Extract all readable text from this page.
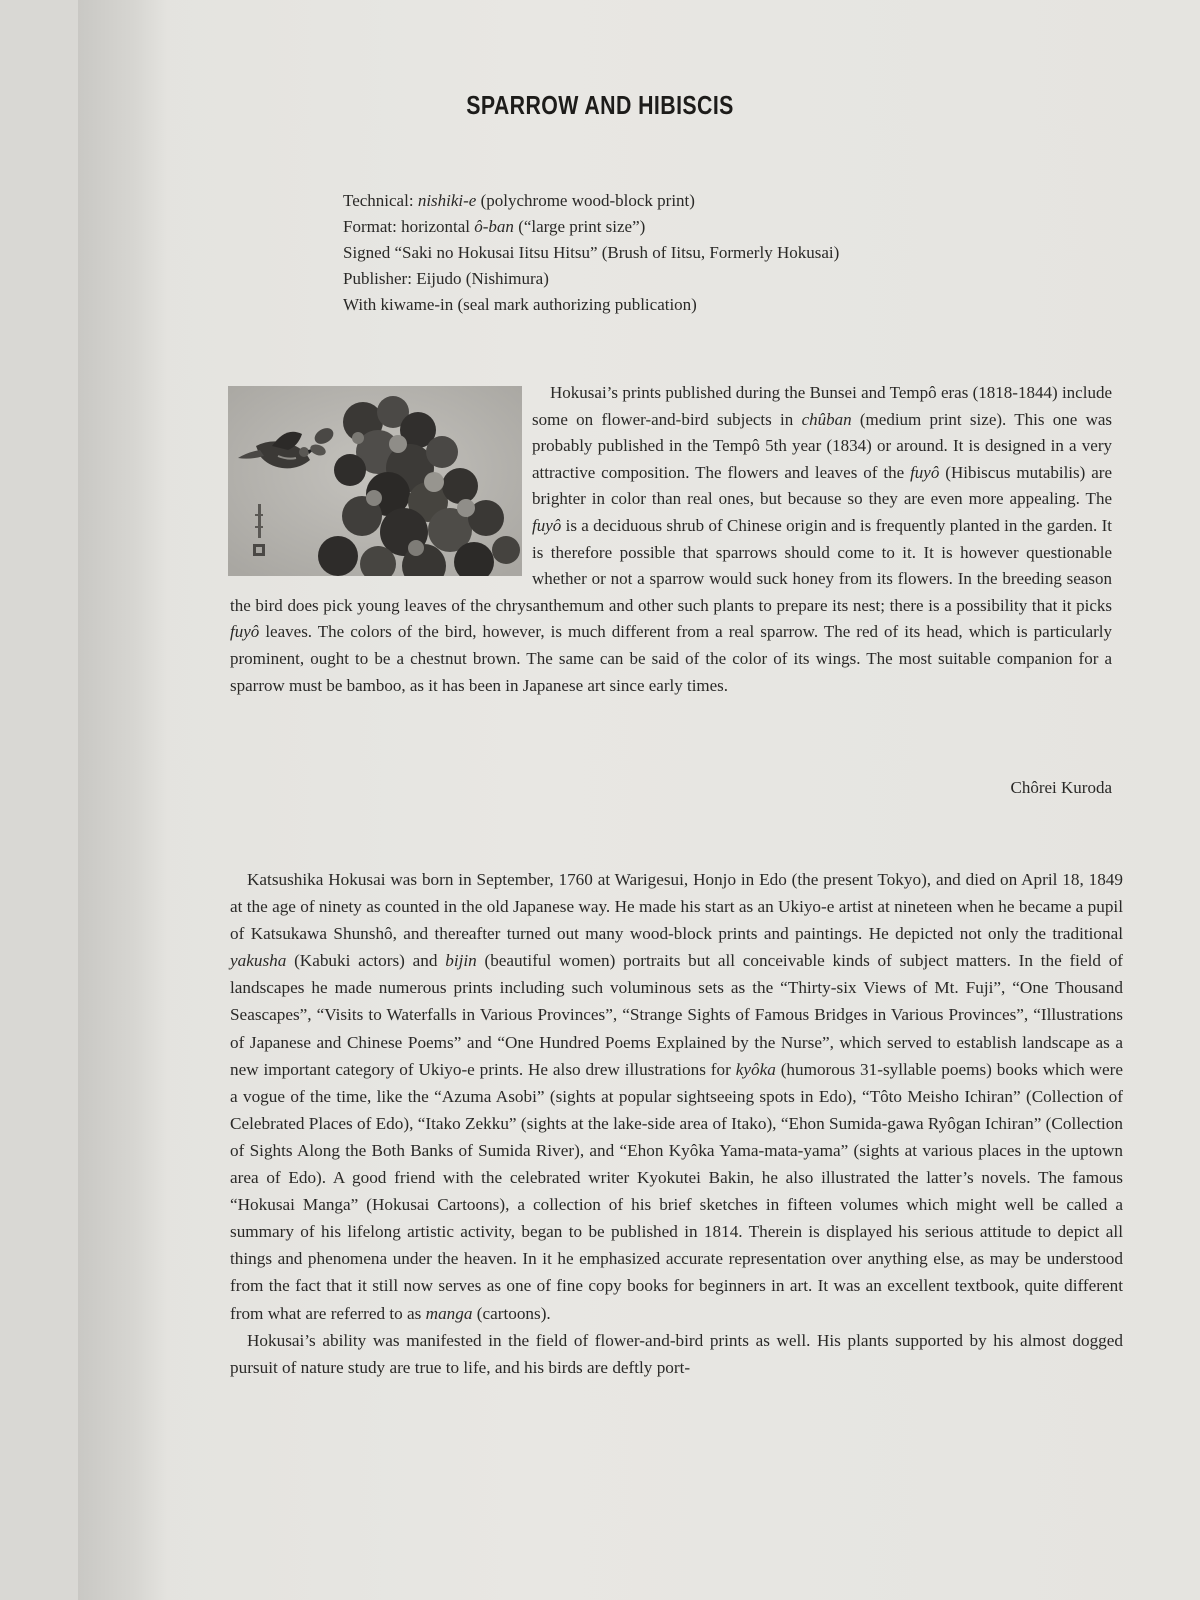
SPARROW AND HIBISCIS
Technical: nishiki-e (polychrome wood-block print)
Format: horizontal ô-ban (“large print size”)
Signed “Saki no Hokusai Iitsu Hitsu” (Brush of Iitsu, Formerly Hokusai)
Publisher: Eijudo (Nishimura)
With kiwame-in (seal mark authorizing publication)

Hokusai’s prints published during the Bunsei and Tempô eras (1818-1844) include some on flower-and-bird subjects in chûban (medium print size). This one was probably published in the Tempô 5th year (1834) or around. It is designed in a very attractive composition. The flowers and leaves of the fuyô (Hibiscus mutabilis) are brighter in color than real ones, but because so they are even more appealing. The fuyô is a deciduous shrub of Chinese origin and is frequently planted in the garden. It is therefore possible that sparrows should come to it. It is however questionable whether or not a sparrow would suck honey from its flowers. In the breeding season the bird does pick young leaves of the chrysanthemum and other such plants to prepare its nest; there is a possibility that it picks fuyô leaves. The colors of the bird, however, is much different from a real sparrow. The red of its head, which is particularly prominent, ought to be a chestnut brown. The same can be said of the color of its wings. The most suitable companion for a sparrow must be bamboo, as it has been in Japanese art since early times.

Chôrei Kuroda

Katsushika Hokusai was born in September, 1760 at Warigesui, Honjo in Edo (the present Tokyo), and died on April 18, 1849 at the age of ninety as counted in the old Japanese way. He made his start as an Ukiyo-e artist at nineteen when he became a pupil of Katsukawa Shunshô, and thereafter turned out many wood-block prints and paintings. He depicted not only the traditional yakusha (Kabuki actors) and bijin (beautiful women) portraits but all conceivable kinds of subject matters. In the field of landscapes he made numerous prints including such voluminous sets as the “Thirty-six Views of Mt. Fuji”, “One Thousand Seascapes”, “Visits to Waterfalls in Various Provinces”, “Strange Sights of Famous Bridges in Various Provinces”, “Illustrations of Japanese and Chinese Poems” and “One Hundred Poems Explained by the Nurse”, which served to establish landscape as a new important category of Ukiyo-e prints. He also drew illustrations for kyôka (humorous 31-syllable poems) books which were a vogue of the time, like the “Azuma Asobi” (sights at popular sightseeing spots in Edo), “Tôto Meisho Ichiran” (Collection of Celebrated Places of Edo), “Itako Zekku” (sights at the lake-side area of Itako), “Ehon Sumida-gawa Ryôgan Ichiran” (Collection of Sights Along the Both Banks of Sumida River), and “Ehon Kyôka Yama-mata-yama” (sights at various places in the uptown area of Edo). A good friend with the celebrated writer Kyokutei Bakin, he also illustrated the latter’s novels. The famous “Hokusai Manga” (Hokusai Cartoons), a collection of his brief sketches in fifteen volumes which might well be called a summary of his lifelong artistic activity, began to be published in 1814. Therein is displayed his serious attitude to depict all things and phenomena under the heaven. In it he emphasized accurate representation over anything else, as may be understood from the fact that it still now serves as one of fine copy books for beginners in art. It was an excellent textbook, quite different from what are referred to as manga (cartoons).

Hokusai’s ability was manifested in the field of flower-and-bird prints as well. His plants supported by his almost dogged pursuit of nature study are true to life, and his birds are deftly port-
